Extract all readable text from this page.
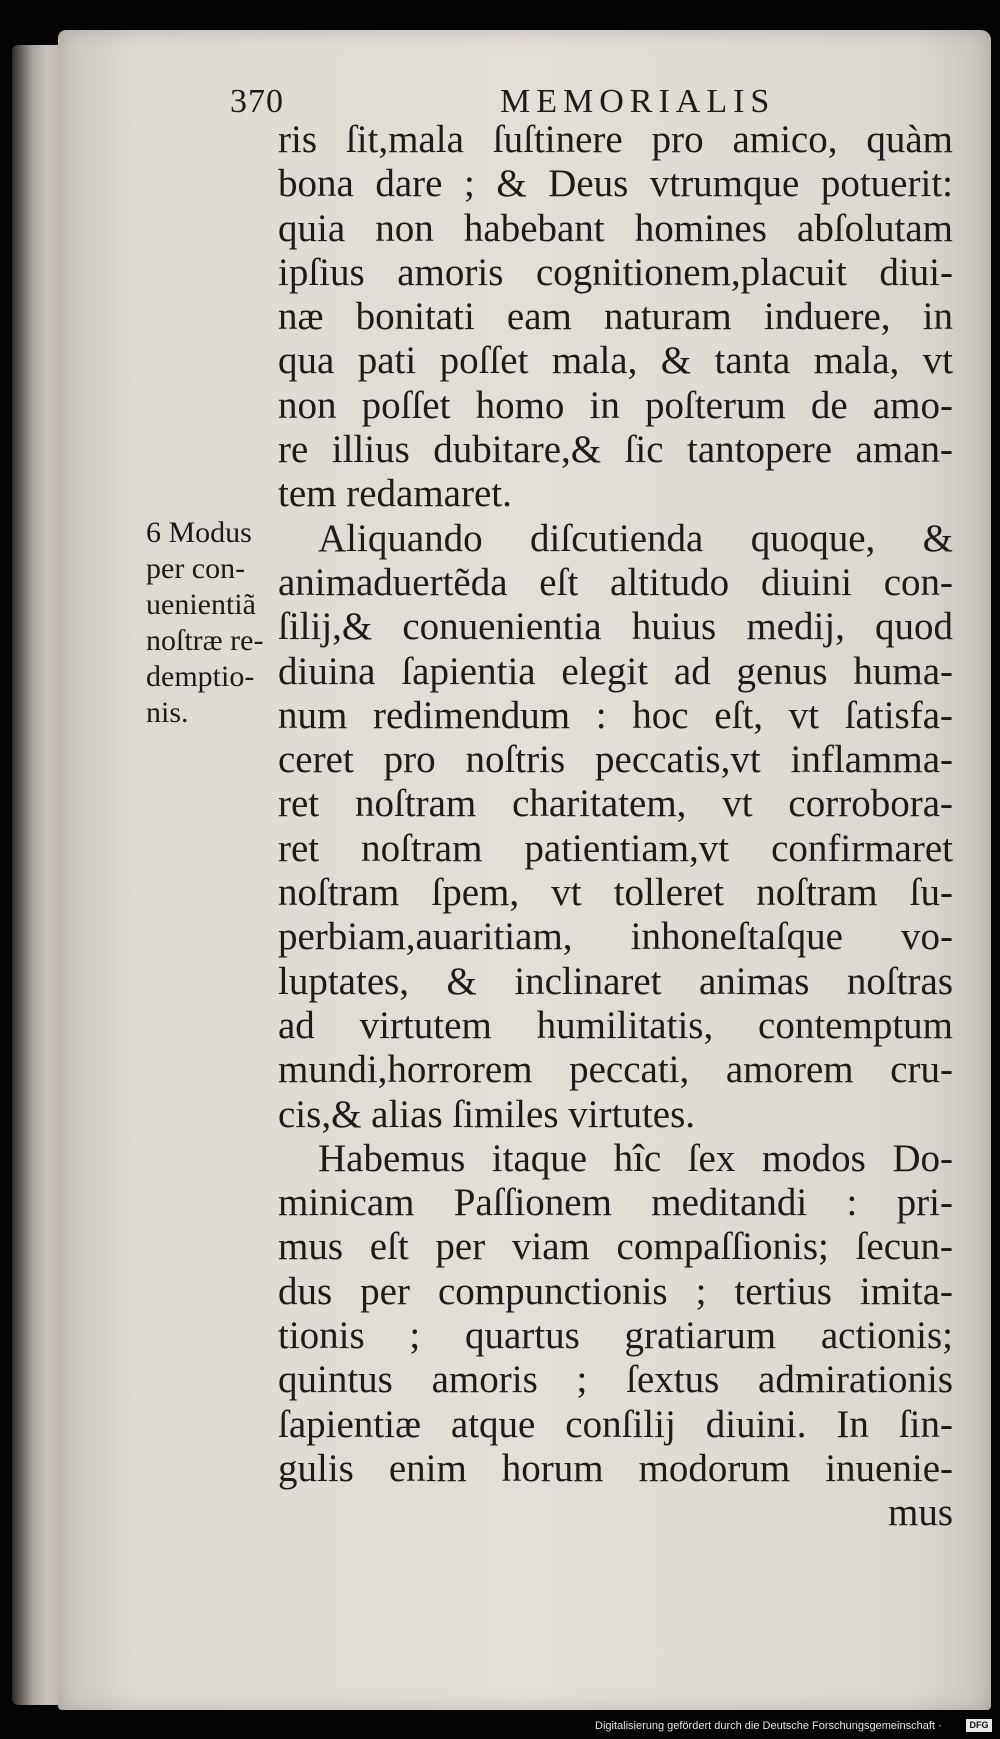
370	MEMORIALIS
6 Modus
per con-
uenientiã
noſtræ re-
demptio-
nis.
ris ſit,mala ſuſtinere pro amico, quàm
bona dare ; & Deus vtrumque potuerit:
quia non habebant homines abſolutam
ipſius amoris cognitionem,placuit diui-
næ bonitati eam naturam induere, in
qua pati poſſet mala, & tanta mala, vt
non poſſet homo in poſterum de amo-
re illius dubitare,& ſic tantopere aman-
tem redamaret.
Aliquando diſcutienda quoque, &
animaduertẽda eſt altitudo diuini con-
ſilij,& conuenientia huius medij, quod
diuina ſapientia elegit ad genus huma-
num redimendum : hoc eſt, vt ſatisfa-
ceret pro noſtris peccatis,vt inflamma-
ret noſtram charitatem, vt corrobora-
ret noſtram patientiam,vt confirmaret
noſtram ſpem, vt tolleret noſtram ſu-
perbiam,auaritiam, inhoneſtaſque vo-
luptates, & inclinaret animas noſtras
ad virtutem humilitatis, contemptum
mundi,horrorem peccati, amorem cru-
cis,& alias ſimiles virtutes.
Habemus itaque hîc ſex modos Do-
minicam Paſſionem meditandi : pri-
mus eſt per viam compaſſionis; ſecun-
dus per compunctionis ; tertius imita-
tionis ; quartus gratiarum actionis;
quintus amoris ; ſextus admirationis
ſapientiæ atque conſilij diuini. In ſin-
gulis enim horum modorum inuenie-
mus
Digitalisierung gefördert durch die Deutsche Forschungsgemeinschaft ·	DFG
